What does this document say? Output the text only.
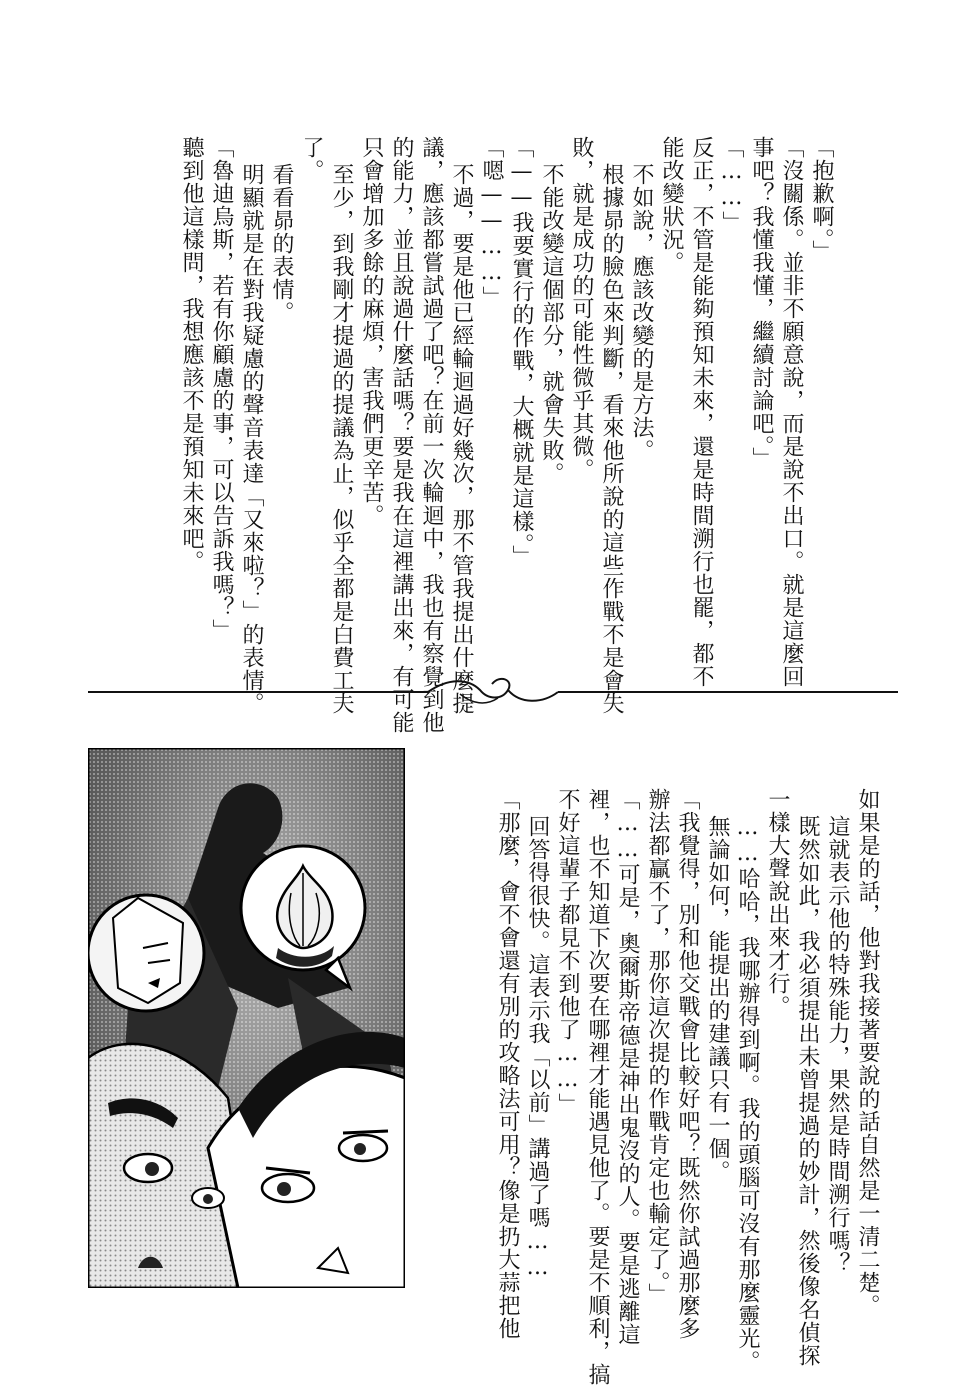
「抱歉啊。」
「沒關係。並非不願意說，而是說不出口。就是這麼回
事吧？我懂我懂，繼續討論吧。」
「……」
反正，不管是能夠預知未來，還是時間溯行也罷，都不
能改變狀況。
不如說，應該改變的是方法。
根據昴的臉色來判斷，看來他所說的這些作戰不是會失
敗，就是成功的可能性微乎其微。
不能改變這個部分，就會失敗。
「——我要實行的作戰，大概就是這樣。」
「嗯——……」
不過，要是他已經輪迴過好幾次，那不管我提出什麼提
議，應該都嘗試過了吧？在前一次輪迴中，我也有察覺到他
的能力，並且說過什麼話嗎？要是我在這裡講出來，有可能
只會增加多餘的麻煩，害我們更辛苦。
至少，到我剛才提過的提議為止，似乎全都是白費工夫
了。
看看昴的表情。
明顯就是在對我疑慮的聲音表達「又來啦？」的表情。
「魯迪烏斯，若有你顧慮的事，可以告訴我嗎？」
聽到他這樣問，我想應該不是預知未來吧。
如果是的話，他對我接著要說的話自然是一清二楚。
這就表示他的特殊能力，果然是時間溯行嗎？
既然如此，我必須提出未曾提過的妙計，然後像名偵探
一樣大聲說出來才行。
……哈哈，我哪辦得到啊。我的頭腦可沒有那麼靈光。
無論如何，能提出的建議只有一個。
「我覺得，別和他交戰會比較好吧？既然你試過那麼多
辦法都贏不了，那你這次提的作戰肯定也輸定了。」
「……可是，奧爾斯帝德是神出鬼沒的人。要是逃離這
裡，也不知道下次要在哪裡才能遇見他了。要是不順利，搞
不好這輩子都見不到他了……」
回答得很快。這表示我「以前」講過了嗎……
「那麼，會不會還有別的攻略法可用？像是扔大蒜把他
